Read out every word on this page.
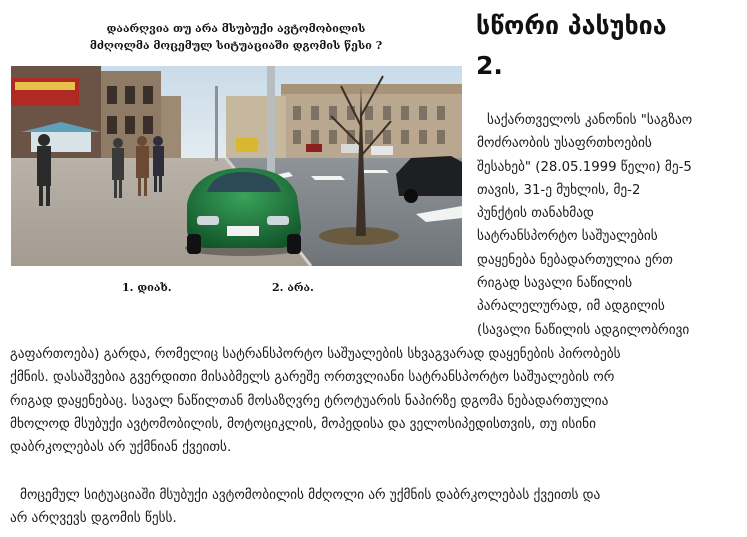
დაარღვია თუ არა მსუბუქი ავტომობილის
მძღოლმა მოცემულ სიტუაციაში დგომის წესი ?
1. დიახ.	2. არა.
სწორი პასუხია
2.
საქართველოს კანონის "საგზაო
მოძრაობის უსაფრთხოების
შესახებ" (28.05.1999 წელი) მე-5
თავის, 31-ე მუხლის, მე-2
პუნქტის თანახმად
სატრანსპორტო საშუალების
დაყენება ნებადართულია ერთ
რიგად სავალი ნაწილის
პარალელურად, იმ ადგილის
(სავალი ნაწილის ადგილობრივი
გაფართოება) გარდა, რომელიც სატრანსპორტო საშუალების სხვაგვარად დაყენების პირობებს
ქმნის. დასაშვებია გვერდითი მისაბმელს გარეშე ორთვლიანი სატრანსპორტო საშუალების ორ
რიგად დაყენებაც. სავალ ნაწილთან მოსაზღვრე ტროტუარის ნაპირზე დგომა ნებადართულია
მხოლოდ მსუბუქი ავტომობილის, მოტოციკლის, მოპედისა და ველოსიპედისთვის, თუ ისინი
დაბრკოლებას არ უქმნიან ქვეითს.
მოცემულ სიტუაციაში მსუბუქი ავტომობილის მძღოლი არ უქმნის დაბრკოლებას ქვეითს და
არ არღვევს დგომის წესს.
